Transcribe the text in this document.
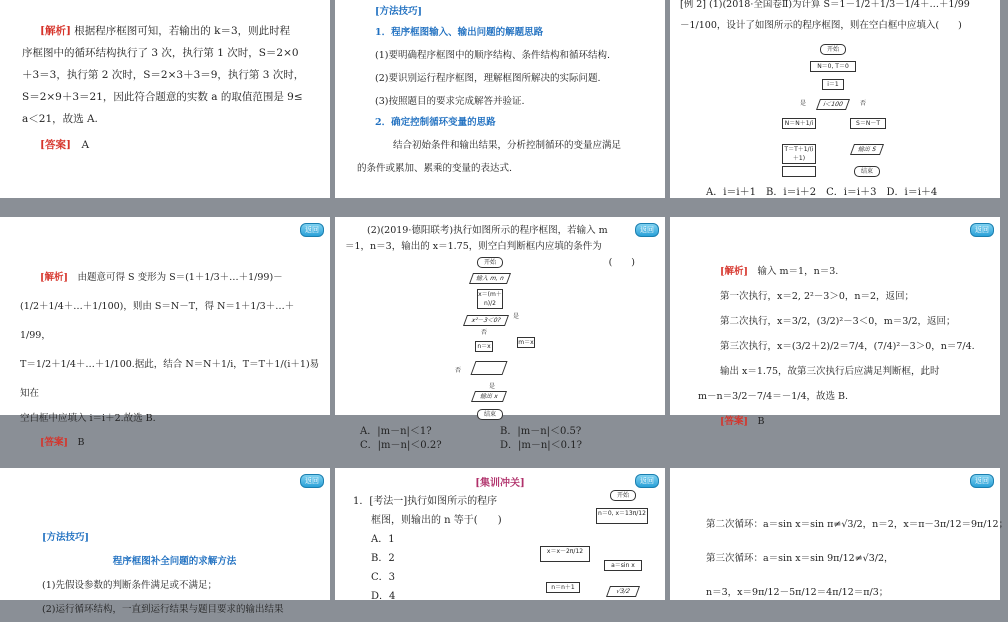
[解析] 根据程序框图可知，若输出的 k＝3，则此时程
序框图中的循环结构执行了 3 次，执行第 1 次时，S＝2×0
＋3＝3，执行第 2 次时，S＝2×3＋3＝9，执行第 3 次时，
S＝2×9＋3＝21，因此符合题意的实数 a 的取值范围是 9≤
a＜21，故选 A.
[答案]　 A
[方法技巧]
1．程序框图输入、输出问题的解题思路
(1)要明确程序框图中的顺序结构、条件结构和循环结构.
(2)要识别运行程序框图，理解框图所解决的实际问题.
(3)按照题目的要求完成解答并验证.
2．确定控制循环变量的思路
结合初始条件和输出结果，分析控制循环的变量应满足
的条件或累加、累乘的变量的表达式.
[例 2] (1)(2018·全国卷Ⅱ)为计算 S＝1－1/2＋1/3－1/4＋…＋1/99
－1/100，设计了如图所示的程序框图，则在空白框中应填入(　　)
开始
N＝0, T＝0
i＝1
i＜100
是	否
N＝N＋1/i
T＝T＋1/(i＋1)
S＝N－T
输出 S
结束
A．i＝i＋1　B．i＝i＋2　C．i＝i＋3　D．i＝i＋4
返回
[解析]　 由题意可得 S 变形为 S＝(1＋1/3＋…＋1/99)－
(1/2＋1/4＋…＋1/100)，则由 S＝N－T，得 N＝1＋1/3＋…＋1/99，
T＝1/2＋1/4＋…＋1/100.据此，结合 N＝N＋1/i，T＝T＋1/(i＋1)易知在
空白框中应填入 i＝i＋2.故选 B.
[答案]　 B
返回
(2)(2019·德阳联考)执行如图所示的程序框图，若输入 m
＝1，n＝3，输出的 x＝1.75，则空白判断框内应填的条件为
(　　)
开始
输入 m, n
x＝(m＋n)/2
x²－3＜0?
是
否
n＝x
m＝x
否
是
输出 x
结束
A．|m－n|＜1?	B．|m－n|＜0.5?
C．|m－n|＜0.2?	D．|m－n|＜0.1?
返回
[解析]　 输入 m＝1，n＝3.
第一次执行，x＝2, 2²－3＞0，n＝2，返回；
第二次执行，x＝3/2，(3/2)²－3＜0，m＝3/2，返回；
第三次执行，x＝(3/2＋2)/2＝7/4，(7/4)²－3＞0，n＝7/4.
输出 x＝1.75，故第三次执行后应满足判断框，此时
m－n＝3/2－7/4＝－1/4，故选 B.
[答案]　 B
返回
[方法技巧]
程序框图补全问题的求解方法
(1)先假设参数的判断条件满足或不满足；
(2)运行循环结构，一直到运行结果与题目要求的输出结果
返回
[集训冲关]
1．[考法一]执行如图所示的程序
框图，则输出的 n 等于(　　)
A．1
B．2
C．3
D．4
开始
n＝0, x＝13π/12
x＝x－2π/12
a＝sin x
n＝n＋1
√3/2
返回
第二次循环：a＝sin x＝sin π≠√3/2，n＝2，x＝π－3π/12＝9π/12；
第三次循环：a＝sin x＝sin 9π/12≠√3/2，
n＝3，x＝9π/12－5π/12＝4π/12＝π/3；
